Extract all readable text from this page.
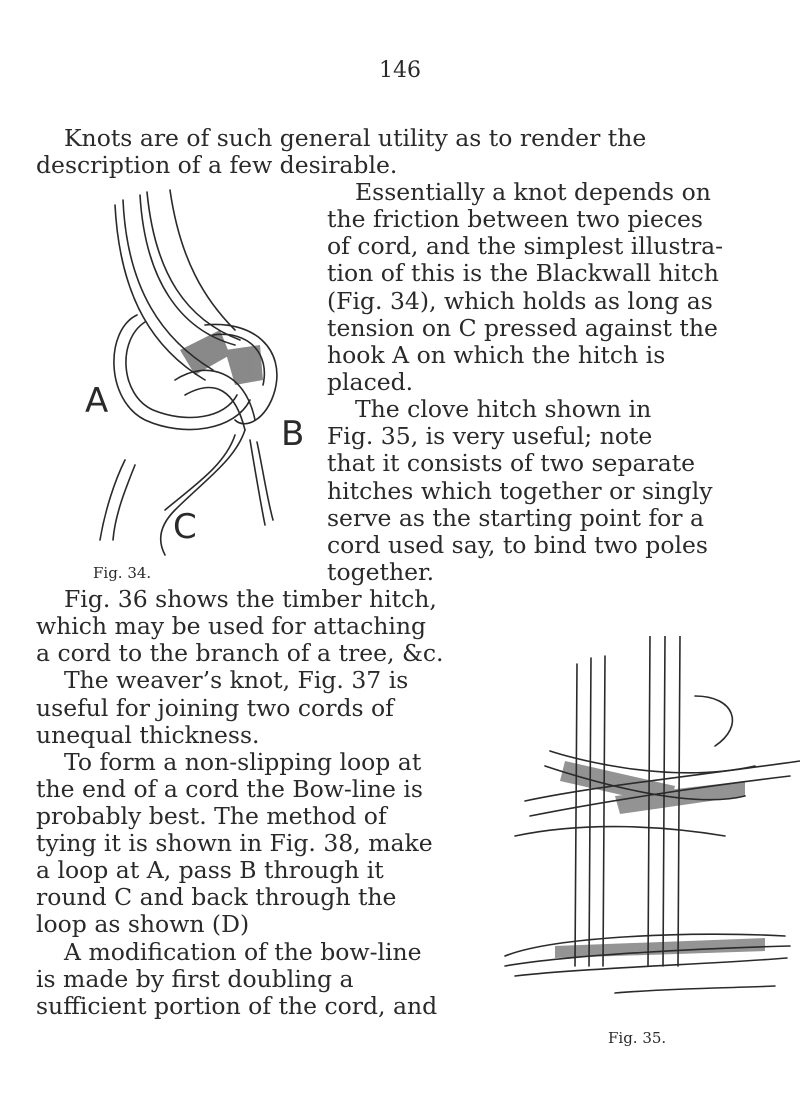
146
Knots are of such general utility as to render the
description of a few desirable.
Essentially a knot depends on
the friction between two pieces
of cord, and the simplest illustra-
tion of this is the Blackwall hitch
(Fig. 34), which holds as long as
tension on C pressed against the
hook A on which the hitch is
placed.
The clove hitch shown in
Fig. 35, is very useful; note
that it consists of two separate
hitches which together or singly
serve as the starting point for a
cord used say, to bind two poles
together.
Fig. 36 shows the timber hitch,
which may be used for attaching
a cord to the branch of a tree, &c.
The weaver’s knot, Fig. 37 is
useful for joining two cords of
unequal thickness.
To form a non-slipping loop at
the end of a cord the Bow-line is
probably best. The method of
tying it is shown in Fig. 38, make
a loop at A, pass B through it
round C and back through the
loop as shown (D)
A modification of the bow-line
is made by first doubling a
sufficient portion of the cord, and
A
B
C
Fig. 34.
Fig. 35.
